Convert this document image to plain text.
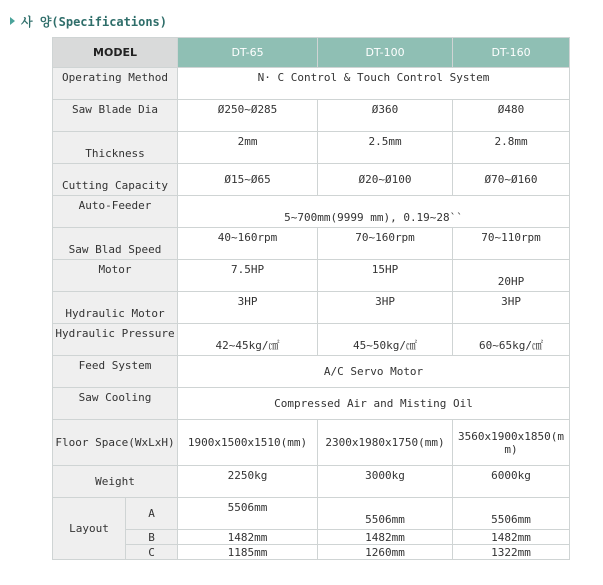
사 양(Specifications)
MODEL		DT-65	DT-100	DT-160
Operating Method		N· C Control & Touch Control System		
Saw Blade Dia		Ø250~Ø285	Ø360	Ø480
Thickness		2mm	2.5mm	2.8mm
Cutting Capacity		Ø15~Ø65	Ø20~Ø100	Ø70~Ø160
Auto-Feeder		5~700mm(9999 mm), 0.19~28``		
Saw Blad Speed		40~160rpm	70~160rpm	70~110rpm
Motor		7.5HP	15HP	20HP
Hydraulic Motor		3HP	3HP	3HP
Hydraulic Pressure		42~45kg/㎠	45~50kg/㎠	60~65kg/㎠
Feed System		A/C Servo Motor		
Saw Cooling		Compressed Air and Misting Oil		
Floor Space(WxLxH)		1900x1500x1510(mm)	2300x1980x1750(mm)	3560x1900x1850(mm)
Weight		2250kg	3000kg	6000kg
Layout	A	5506mm	5506mm	5506mm
	B	1482mm	1482mm	1482mm
	C	1185mm	1260mm	1322mm
